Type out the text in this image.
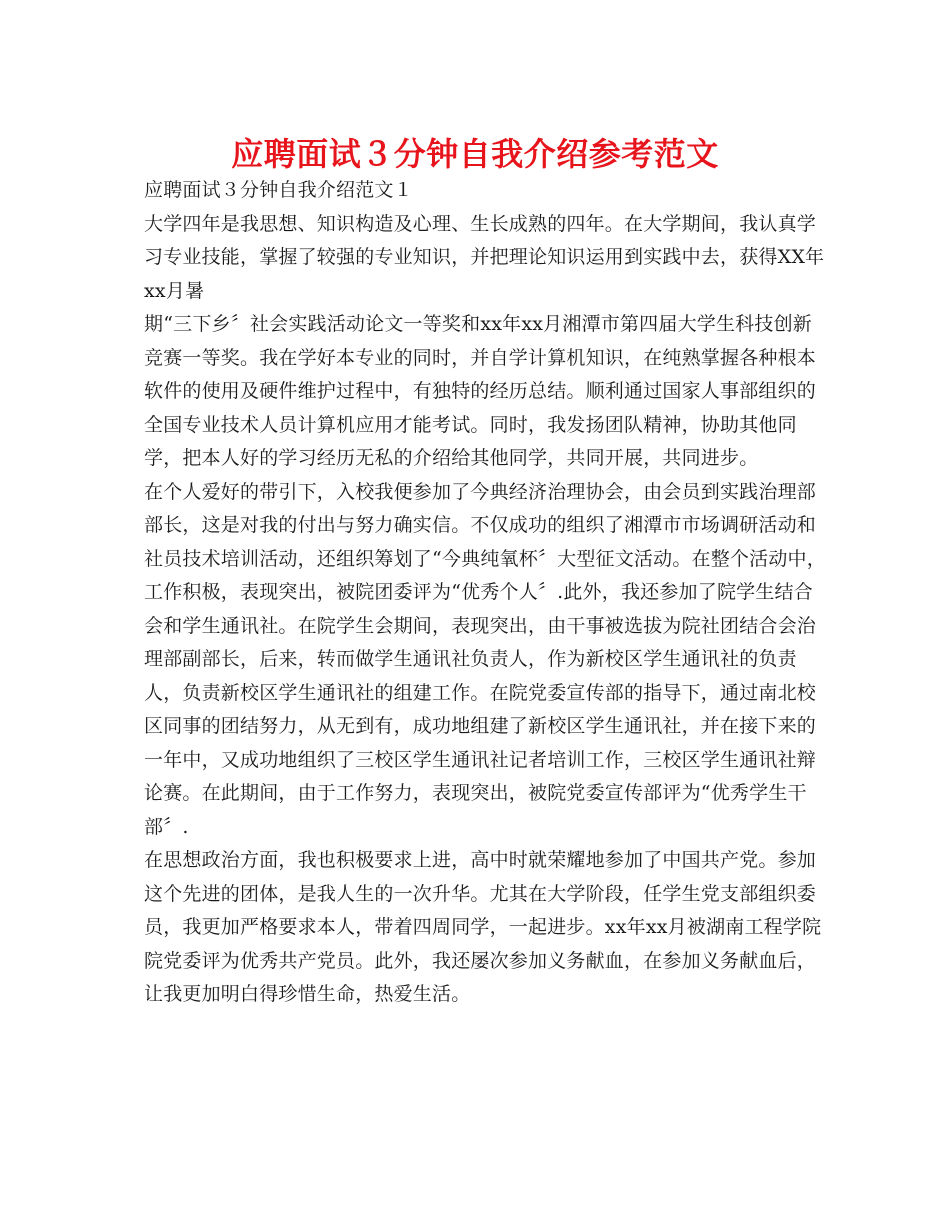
应聘面试３分钟自我介绍参考范文
应聘面试３分钟自我介绍范文１
大学四年是我思想、知识构造及心理、生长成熟的四年。在大学期间，我认真学
习专业技能，掌握了较强的专业知识，并把理论知识运用到实践中去，获得XX年
xx月暑
期“三下乡〞社会实践活动论文一等奖和xx年xx月湘潭市第四届大学生科技创新
竞赛一等奖。我在学好本专业的同时，并自学计算机知识，在纯熟掌握各种根本
软件的使用及硬件维护过程中，有独特的经历总结。顺利通过国家人事部组织的
全国专业技术人员计算机应用才能考试。同时，我发扬团队精神，协助其他同
学，把本人好的学习经历无私的介绍给其他同学，共同开展，共同进步。
在个人爱好的带引下，入校我便参加了今典经济治理协会，由会员到实践治理部
部长，这是对我的付出与努力确实信。不仅成功的组织了湘潭市市场调研活动和
社员技术培训活动，还组织筹划了“今典纯氧杯〞大型征文活动。在整个活动中，
工作积极，表现突出，被院团委评为“优秀个人〞.此外，我还参加了院学生结合
会和学生通讯社。在院学生会期间，表现突出，由干事被选拔为院社团结合会治
理部副部长，后来，转而做学生通讯社负责人，作为新校区学生通讯社的负责
人，负责新校区学生通讯社的组建工作。在院党委宣传部的指导下，通过南北校
区同事的团结努力，从无到有，成功地组建了新校区学生通讯社，并在接下来的
一年中，又成功地组织了三校区学生通讯社记者培训工作，三校区学生通讯社辩
论赛。在此期间，由于工作努力，表现突出，被院党委宣传部评为“优秀学生干
部〞.
在思想政治方面，我也积极要求上进，高中时就荣耀地参加了中国共产党。参加
这个先进的团体，是我人生的一次升华。尤其在大学阶段，任学生党支部组织委
员，我更加严格要求本人，带着四周同学，一起进步。xx年xx月被湖南工程学院
院党委评为优秀共产党员。此外，我还屡次参加义务献血，在参加义务献血后，
让我更加明白得珍惜生命，热爱生活。
